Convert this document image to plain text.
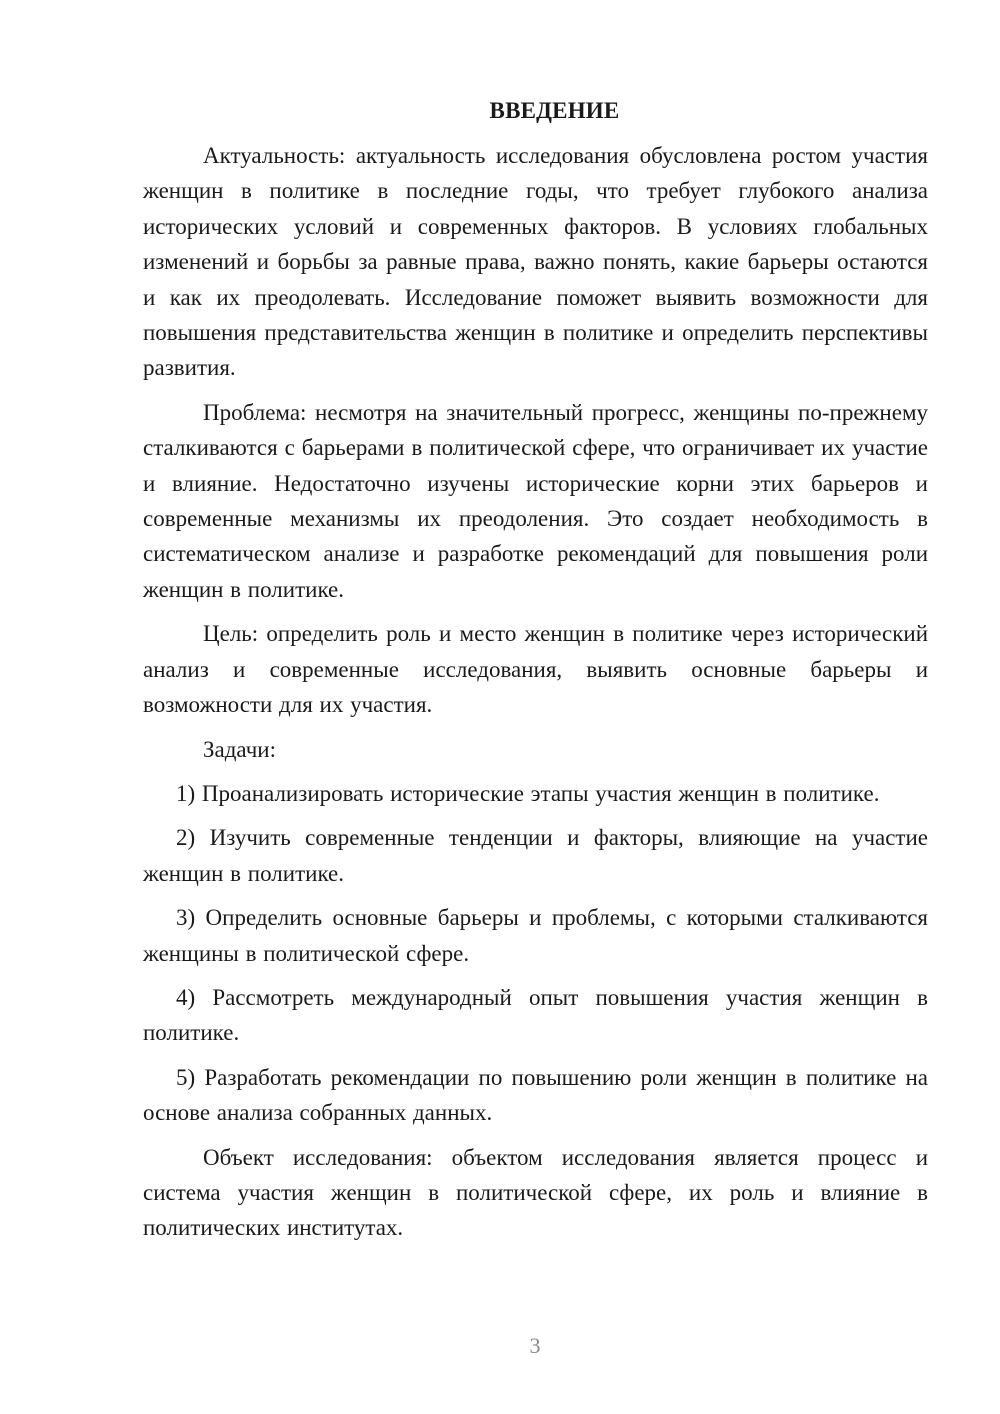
ВВЕДЕНИЕ

Актуальность: актуальность исследования обусловлена ростом участия женщин в политике в последние годы, что требует глубокого анализа исторических условий и современных факторов. В условиях глобальных изменений и борьбы за равные права, важно понять, какие барьеры остаются и как их преодолевать. Исследование поможет выявить возможности для повышения представительства женщин в политике и определить перспективы развития.

Проблема: несмотря на значительный прогресс, женщины по-прежнему сталкиваются с барьерами в политической сфере, что ограничивает их участие и влияние. Недостаточно изучены исторические корни этих барьеров и современные механизмы их преодоления. Это создает необходимость в систематическом анализе и разработке рекомендаций для повышения роли женщин в политике.

Цель: определить роль и место женщин в политике через исторический анализ и современные исследования, выявить основные барьеры и возможности для их участия.

Задачи:

1) Проанализировать исторические этапы участия женщин в политике.

2) Изучить современные тенденции и факторы, влияющие на участие женщин в политике.

3) Определить основные барьеры и проблемы, с которыми сталкиваются женщины в политической сфере.

4) Рассмотреть международный опыт повышения участия женщин в политике.

5) Разработать рекомендации по повышению роли женщин в политике на основе анализа собранных данных.

Объект исследования: объектом исследования является процесс и система участия женщин в политической сфере, их роль и влияние в политических институтах.

3
